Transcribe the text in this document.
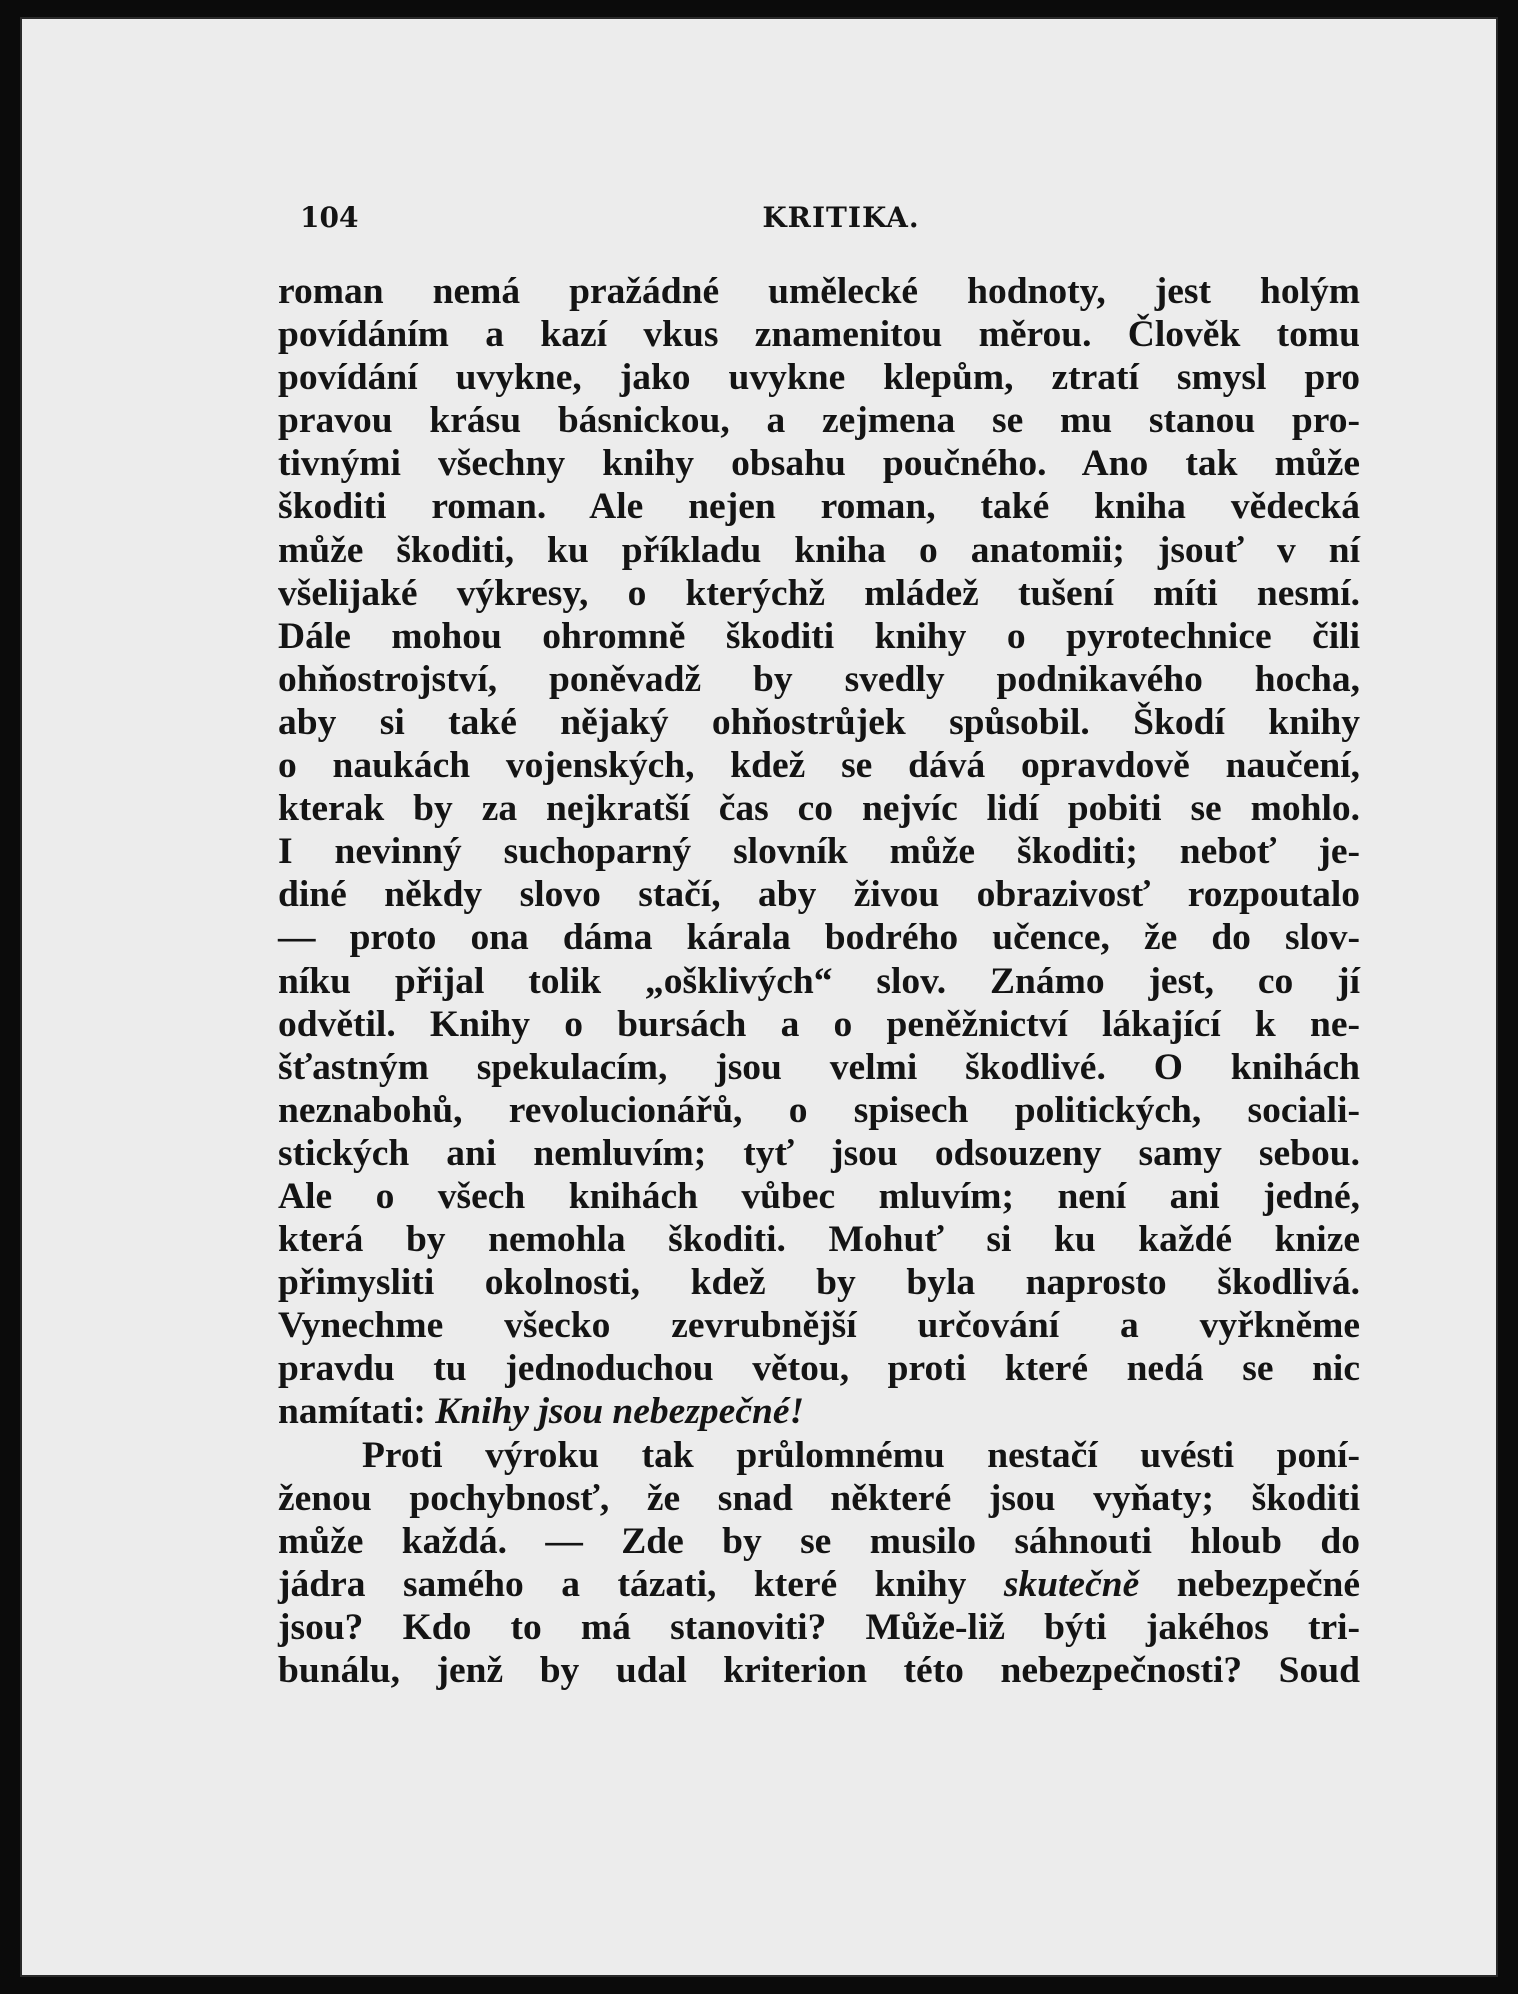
104	KRITIKA.
roman nemá pražádné umělecké hodnoty, jest holým
povídáním a kazí vkus znamenitou měrou. Člověk tomu
povídání uvykne, jako uvykne klepům, ztratí smysl pro
pravou krásu básnickou, a zejmena se mu stanou pro-
tivnými všechny knihy obsahu poučného. Ano tak může
škoditi roman. Ale nejen roman, také kniha vědecká
může škoditi, ku příkladu kniha o anatomii; jsouť v ní
všelijaké výkresy, o kterýchž mládež tušení míti nesmí.
Dále mohou ohromně škoditi knihy o pyrotechnice čili
ohňostrojství, poněvadž by svedly podnikavého hocha,
aby si také nějaký ohňostrůjek spůsobil. Škodí knihy
o naukách vojenských, kdež se dává opravdově naučení,
kterak by za nejkratší čas co nejvíc lidí pobiti se mohlo.
I nevinný suchoparný slovník může škoditi; neboť je-
diné někdy slovo stačí, aby živou obrazivosť rozpoutalo
— proto ona dáma kárala bodrého učence, že do slov-
níku přijal tolik „ošklivých“ slov. Známo jest, co jí
odvětil. Knihy o bursách a o peněžnictví lákající k ne-
šťastným spekulacím, jsou velmi škodlivé. O knihách
neznabohů, revolucionářů, o spisech politických, sociali-
stických ani nemluvím; tyť jsou odsouzeny samy sebou.
Ale o všech knihách vůbec mluvím; není ani jedné,
která by nemohla škoditi. Mohuť si ku každé knize
přimysliti okolnosti, kdež by byla naprosto škodlivá.
Vynechme všecko zevrubnější určování a vyřkněme
pravdu tu jednoduchou větou, proti které nedá se nic
namítati: Knihy jsou nebezpečné!
Proti výroku tak průlomnému nestačí uvésti poní-
ženou pochybnosť, že snad některé jsou vyňaty; škoditi
může každá. — Zde by se musilo sáhnouti hloub do
jádra samého a tázati, které knihy skutečně nebezpečné
jsou? Kdo to má stanoviti? Může-liž býti jakéhos tri-
bunálu, jenž by udal kriterion této nebezpečnosti? Soud
